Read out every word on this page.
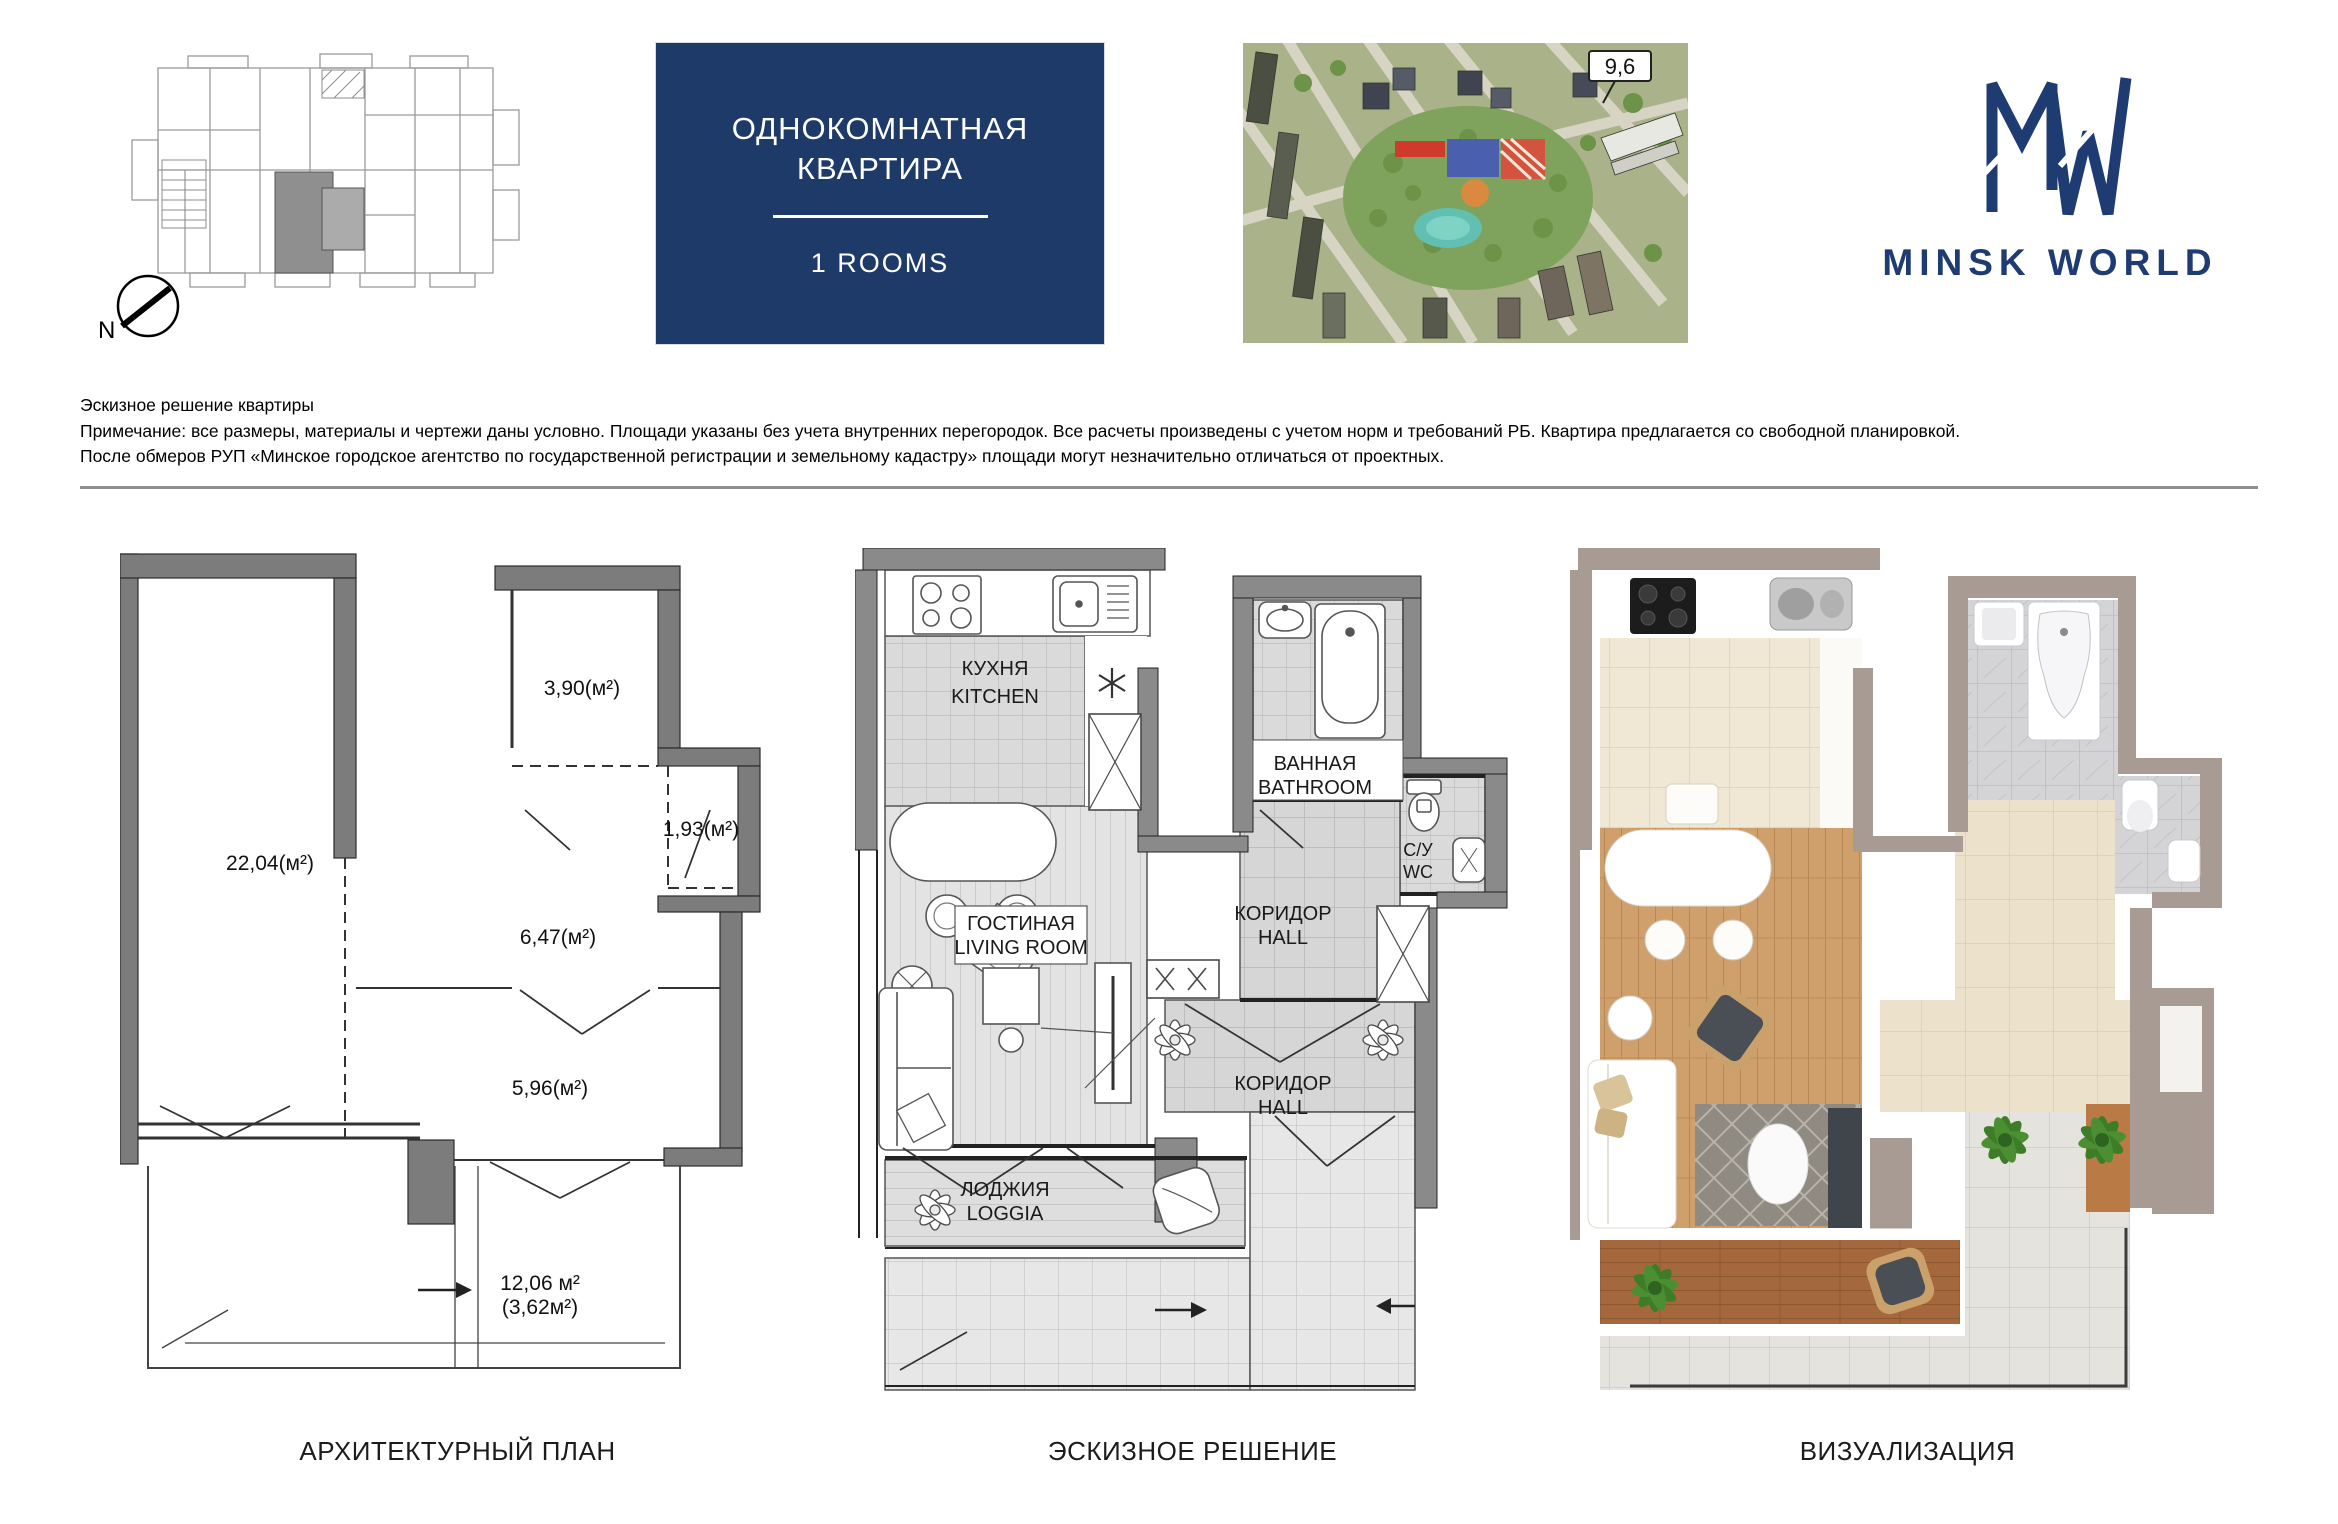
N
ОДНОКОМНАТНАЯ
КВАРТИРА
1 ROOMS
9,6
MINSK WORLD
Эскизное решение квартиры
Примечание: все размеры, материалы и чертежи даны условно. Площади указаны без учета внутренних перегородок. Все расчеты произведены с учетом норм и требований РБ. Квартира предлагается со свободной планировкой.
После обмеров РУП «Минское городское агентство по государственной регистрации и земельному кадастру» площади могут незначительно отличаться от проектных.
22,04(м²)
3,90(м²)
1,93(м²)
6,47(м²)
5,96(м²)
12,06 м²
(3,62м²)
КУХНЯ
KITCHEN
ВАННАЯ
BATHROOM
С/У
WC
КОРИДОР
HALL
ГОСТИНАЯ
LIVING ROOM
КОРИДОР
HALL
ЛОДЖИЯ
LOGGIA
АРХИТЕКТУРНЫЙ ПЛАН	ЭСКИЗНОЕ РЕШЕНИЕ	ВИЗУАЛИЗАЦИЯ
